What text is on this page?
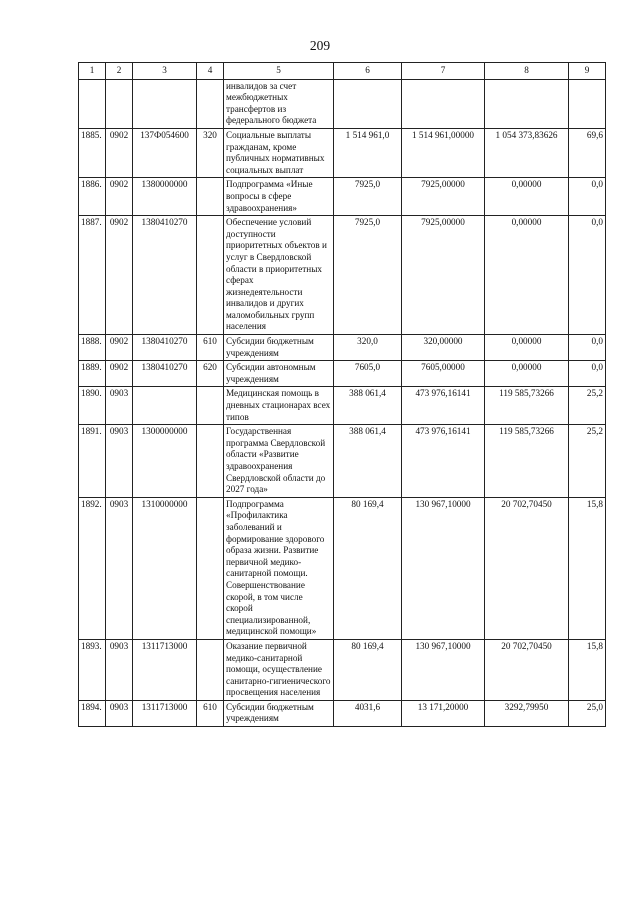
209
1	2	3	4	5	6	7	8	9
				инвалидов за счет межбюджетных трансфертов из федерального бюджета				
1885.	0902	137Ф054600	320	Социальные выплаты гражданам, кроме публичных нормативных социальных выплат	1 514 961,0	1 514 961,00000	1 054 373,83626	69,6
1886.	0902	1380000000		Подпрограмма «Иные вопросы в сфере здравоохранения»	7925,0	7925,00000	0,00000	0,0
1887.	0902	1380410270		Обеспечение условий доступности приоритетных объектов и услуг в Свердловской области в приоритетных сферах жизнедеятельности инвалидов и других маломобильных групп населения	7925,0	7925,00000	0,00000	0,0
1888.	0902	1380410270	610	Субсидии бюджетным учреждениям	320,0	320,00000	0,00000	0,0
1889.	0902	1380410270	620	Субсидии автономным учреждениям	7605,0	7605,00000	0,00000	0,0
1890.	0903			Медицинская помощь в дневных стационарах всех типов	388 061,4	473 976,16141	119 585,73266	25,2
1891.	0903	1300000000		Государственная программа Свердловской области «Развитие здравоохранения Свердловской области до 2027 года»	388 061,4	473 976,16141	119 585,73266	25,2
1892.	0903	1310000000		Подпрограмма «Профилактика заболеваний и формирование здорового образа жизни. Развитие первичной медико-санитарной помощи. Совершенствование скорой, в том числе скорой специализированной, медицинской помощи»	80 169,4	130 967,10000	20 702,70450	15,8
1893.	0903	1311713000		Оказание первичной медико-санитарной помощи, осуществление санитарно-гигиенического просвещения населения	80 169,4	130 967,10000	20 702,70450	15,8
1894.	0903	1311713000	610	Субсидии бюджетным учреждениям	4031,6	13 171,20000	3292,79950	25,0
